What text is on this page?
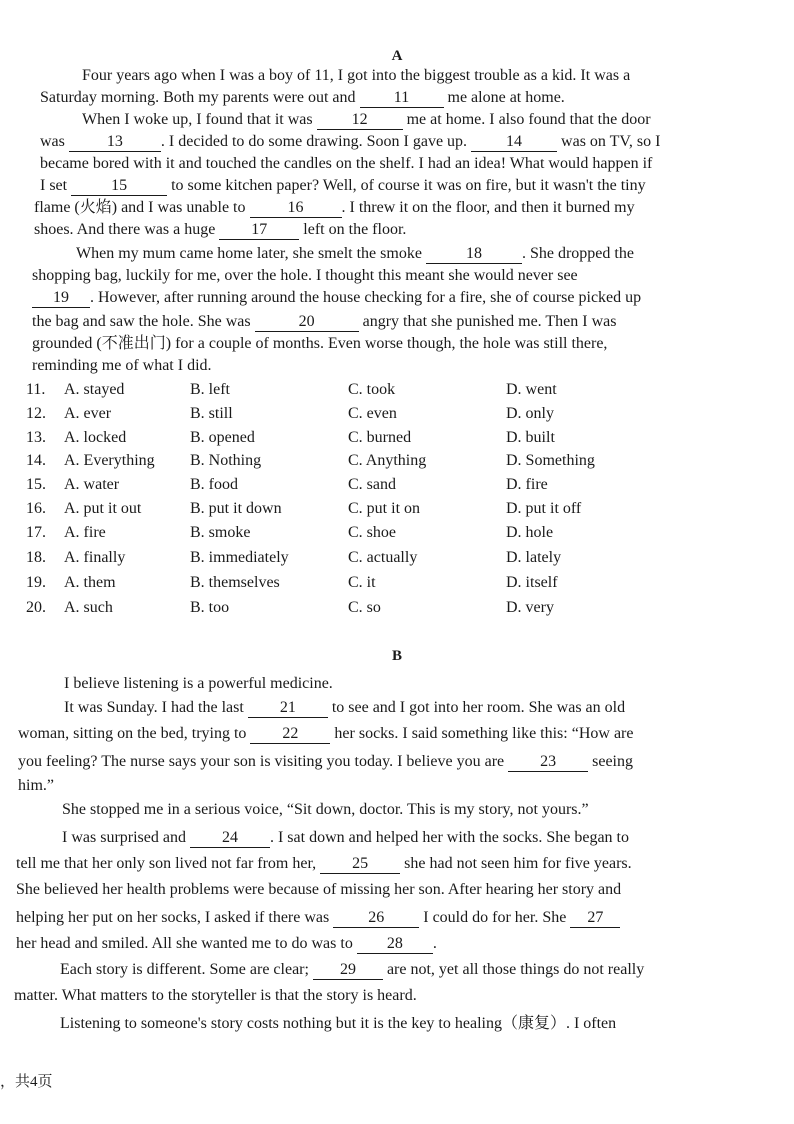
A
Four years ago when I was a boy of 11, I got into the biggest trouble as a kid. It was a
Saturday morning. Both my parents were out and 11 me alone at home.
When I woke up, I found that it was 12 me at home. I also found that the door
was 13 . I decided to do some drawing. Soon I gave up. 14 was on TV, so I
became bored with it and touched the candles on the shelf. I had an idea! What would happen if
I set	15	to some kitchen paper? Well, of course it was on fire, but it wasn't the tiny
flame (火焰) and I was unable to 16 . I threw it on the floor, and then it burned my
shoes. And there was a huge 17 left on the floor.
When my mum came home later, she smelt the smoke	18	. She dropped the
shopping bag, luckily for me, over the hole. I thought this meant she would never see
19 . However, after running around the house checking for a fire, she of course picked up
the bag and saw the hole. She was	20	angry that she punished me. Then I was
grounded (不准出门) for a couple of months. Even worse though, the hole was still there,
reminding me of what I did.
11. A. stayed	B. left	C. took	D. went
12. A. ever	B. still	C. even	D. only
13. A. locked	B. opened	C. burned	D. built
14. A. Everything B. Nothing	C. Anything	D. Something
15. A. water	B. food	C. sand	D. fire
16. A. put it out	B. put it down	C. put it on	D. put it off
17. A. fire	B. smoke	C. shoe	D. hole
18. A. finally	B. immediately	C. actually	D. lately
19. A. them	B. themselves	C. it	D. itself
20. A. such	B. too	C. so	D. very
B
I believe listening is a powerful medicine.
It was Sunday. I had the last 21 to see and I got into her room. She was an old
woman, sitting on the bed, trying to 22 her socks. I said something like this: “How are
you feeling? The nurse says your son is visiting you today. I believe you are 23 seeing
him.”
She stopped me in a serious voice, “Sit down, doctor. This is my story, not yours.”
I was surprised and 24 . I sat down and helped her with the socks. She began to
tell me that her only son lived not far from her, 25 she had not seen him for five years.
She believed her health problems were because of missing her son. After hearing her story and
helping her put on her socks, I asked if there was 26 I could do for her. She 27
her head and smiled. All she wanted me to do was to 28 .
Each story is different. Some are clear; 29 are not, yet all those things do not really
matter. What matters to the storyteller is that the story is heard.
Listening to someone's story costs nothing but it is the key to healing（康复）. I often
，共4页
